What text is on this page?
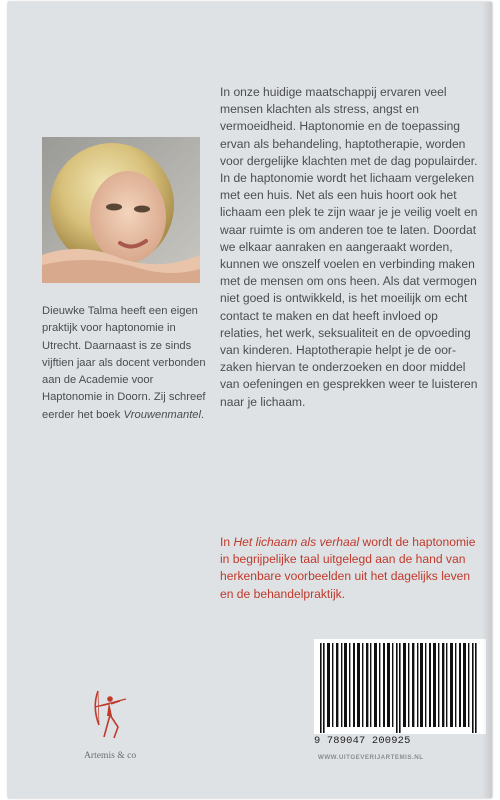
Dieuwke Talma heeft een eigen praktijk voor haptonomie in Utrecht. Daarnaast is ze sinds vijftien jaar als docent verbonden aan de Academie voor Haptonomie in Doorn. Zij schreef eerder het boek Vrouwenmantel.

In onze huidige maatschappij ervaren veel mensen klachten als stress, angst en vermoeidheid. Haptonomie en de toepassing ervan als behandeling, haptotherapie, worden voor dergelijke klachten met de dag populairder.

In de haptonomie wordt het lichaam vergeleken met een huis. Net als een huis hoort ook het lichaam een plek te zijn waar je je veilig voelt en waar ruimte is om anderen toe te laten. Doordat we elkaar aanraken en aangeraakt worden, kunnen we onszelf voelen en verbinding maken met de mensen om ons heen. Als dat vermogen niet goed is ontwikkeld, is het moeilijk om echt contact te maken en dat heeft invloed op relaties, het werk, seksualiteit en de opvoeding van kinderen. Haptotherapie helpt je de oorzaken hiervan te onderzoeken en door middel van oefeningen en gesprekken weer te luisteren naar je lichaam.

In Het lichaam als verhaal wordt de haptonomie in begrijpelijke taal uitgelegd aan de hand van herkenbare voorbeelden uit het dagelijks leven en de behandelpraktijk.

Artemis & co
9 789047 200925
WWW.UITGEVERIJARTEMIS.NL
